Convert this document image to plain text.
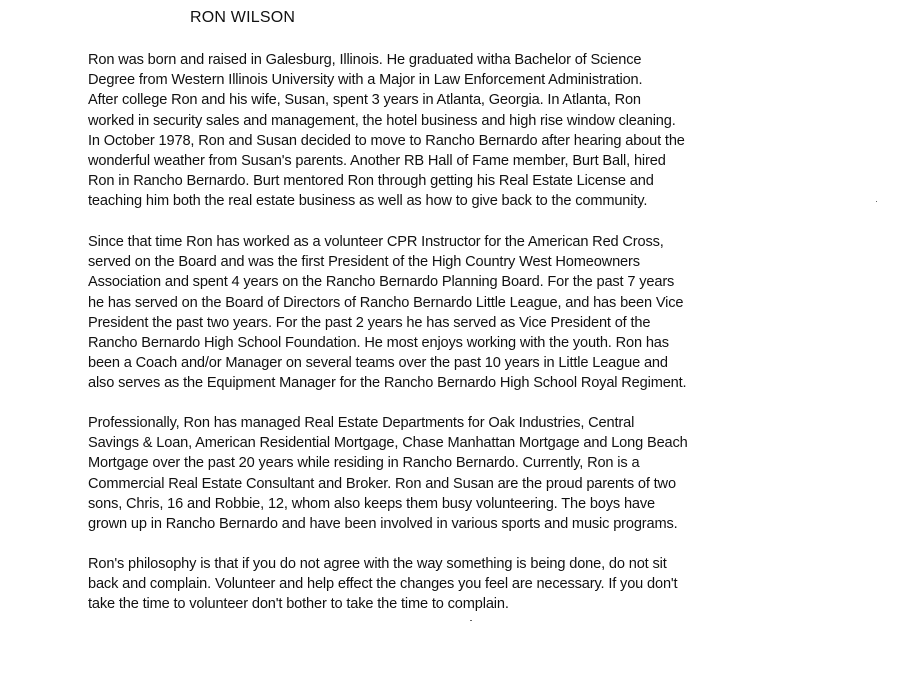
RON WILSON

Ron was born and raised in Galesburg, Illinois. He graduated witha Bachelor of Science
Degree from Western Illinois University with a Major in Law Enforcement Administration.
After college Ron and his wife, Susan, spent 3 years in Atlanta, Georgia. In Atlanta, Ron
worked in security sales and management, the hotel business and high rise window cleaning.
In October 1978, Ron and Susan decided to move to Rancho Bernardo after hearing about the
wonderful weather from Susan's parents. Another RB Hall of Fame member, Burt Ball, hired
Ron in Rancho Bernardo. Burt mentored Ron through getting his Real Estate License and
teaching him both the real estate business as well as how to give back to the community.

Since that time Ron has worked as a volunteer CPR Instructor for the American Red Cross,
served on the Board and was the first President of the High Country West Homeowners
Association and spent 4 years on the Rancho Bernardo Planning Board. For the past 7 years
he has served on the Board of Directors of Rancho Bernardo Little League, and has been Vice
President the past two years. For the past 2 years he has served as Vice President of the
Rancho Bernardo High School Foundation. He most enjoys working with the youth. Ron has
been a Coach and/or Manager on several teams over the past 10 years in Little League and
also serves as the Equipment Manager for the Rancho Bernardo High School Royal Regiment.

Professionally, Ron has managed Real Estate Departments for Oak Industries, Central
Savings & Loan, American Residential Mortgage, Chase Manhattan Mortgage and Long Beach
Mortgage over the past 20 years while residing in Rancho Bernardo. Currently, Ron is a
Commercial Real Estate Consultant and Broker. Ron and Susan are the proud parents of two
sons, Chris, 16 and Robbie, 12, whom also keeps them busy volunteering. The boys have
grown up in Rancho Bernardo and have been involved in various sports and music programs.

Ron's philosophy is that if you do not agree with the way something is being done, do not sit
back and complain. Volunteer and help effect the changes you feel are necessary. If you don't
take the time to volunteer don't bother to take the time to complain.
